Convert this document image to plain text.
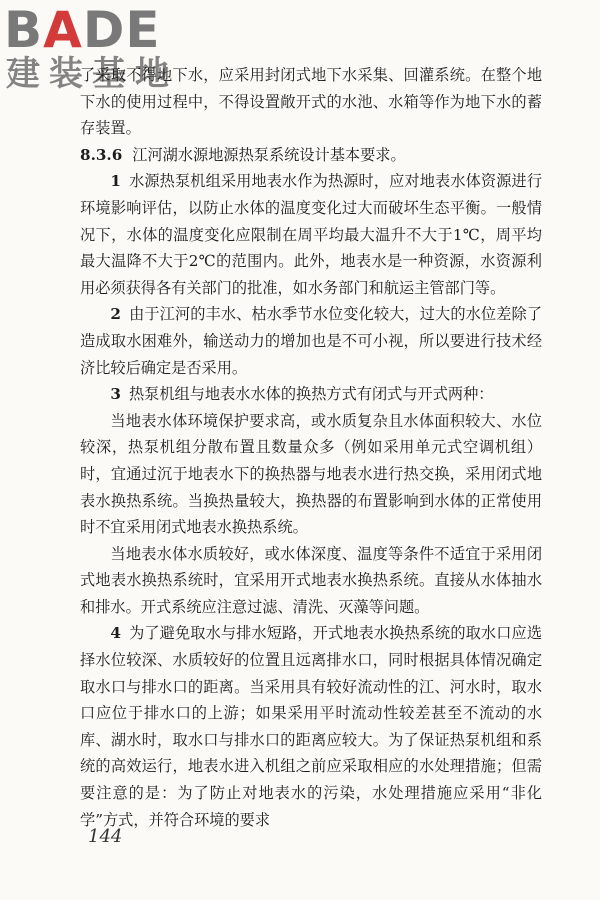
BADE
建装基地

了采取不得地下水，应采用封闭式地下水采集、回灌系统。在整个地下水的使用过程中，不得设置敞开式的水池、水箱等作为地下水的蓄存装置。

8.3.6 江河湖水源地源热泵系统设计基本要求。

1 水源热泵机组采用地表水作为热源时，应对地表水体资源进行环境影响评估，以防止水体的温度变化过大而破坏生态平衡。一般情况下，水体的温度变化应限制在周平均最大温升不大于1℃，周平均最大温降不大于2℃的范围内。此外，地表水是一种资源，水资源利用必须获得各有关部门的批准，如水务部门和航运主管部门等。

2 由于江河的丰水、枯水季节水位变化较大，过大的水位差除了造成取水困难外，输送动力的增加也是不可小视，所以要进行技术经济比较后确定是否采用。

3 热泵机组与地表水水体的换热方式有闭式与开式两种：

当地表水体环境保护要求高，或水质复杂且水体面积较大、水位较深，热泵机组分散布置且数量众多（例如采用单元式空调机组）时，宜通过沉于地表水下的换热器与地表水进行热交换，采用闭式地表水换热系统。当换热量较大，换热器的布置影响到水体的正常使用时不宜采用闭式地表水换热系统。

当地表水体水质较好，或水体深度、温度等条件不适宜于采用闭式地表水换热系统时，宜采用开式地表水换热系统。直接从水体抽水和排水。开式系统应注意过滤、清洗、灭藻等问题。

4 为了避免取水与排水短路，开式地表水换热系统的取水口应选择水位较深、水质较好的位置且远离排水口，同时根据具体情况确定取水口与排水口的距离。当采用具有较好流动性的江、河水时，取水口应位于排水口的上游；如果采用平时流动性较差甚至不流动的水库、湖水时，取水口与排水口的距离应较大。为了保证热泵机组和系统的高效运行，地表水进入机组之前应采取相应的水处理措施；但需要注意的是：为了防止对地表水的污染，水处理措施应采用“非化学”方式，并符合环境的要求

144
